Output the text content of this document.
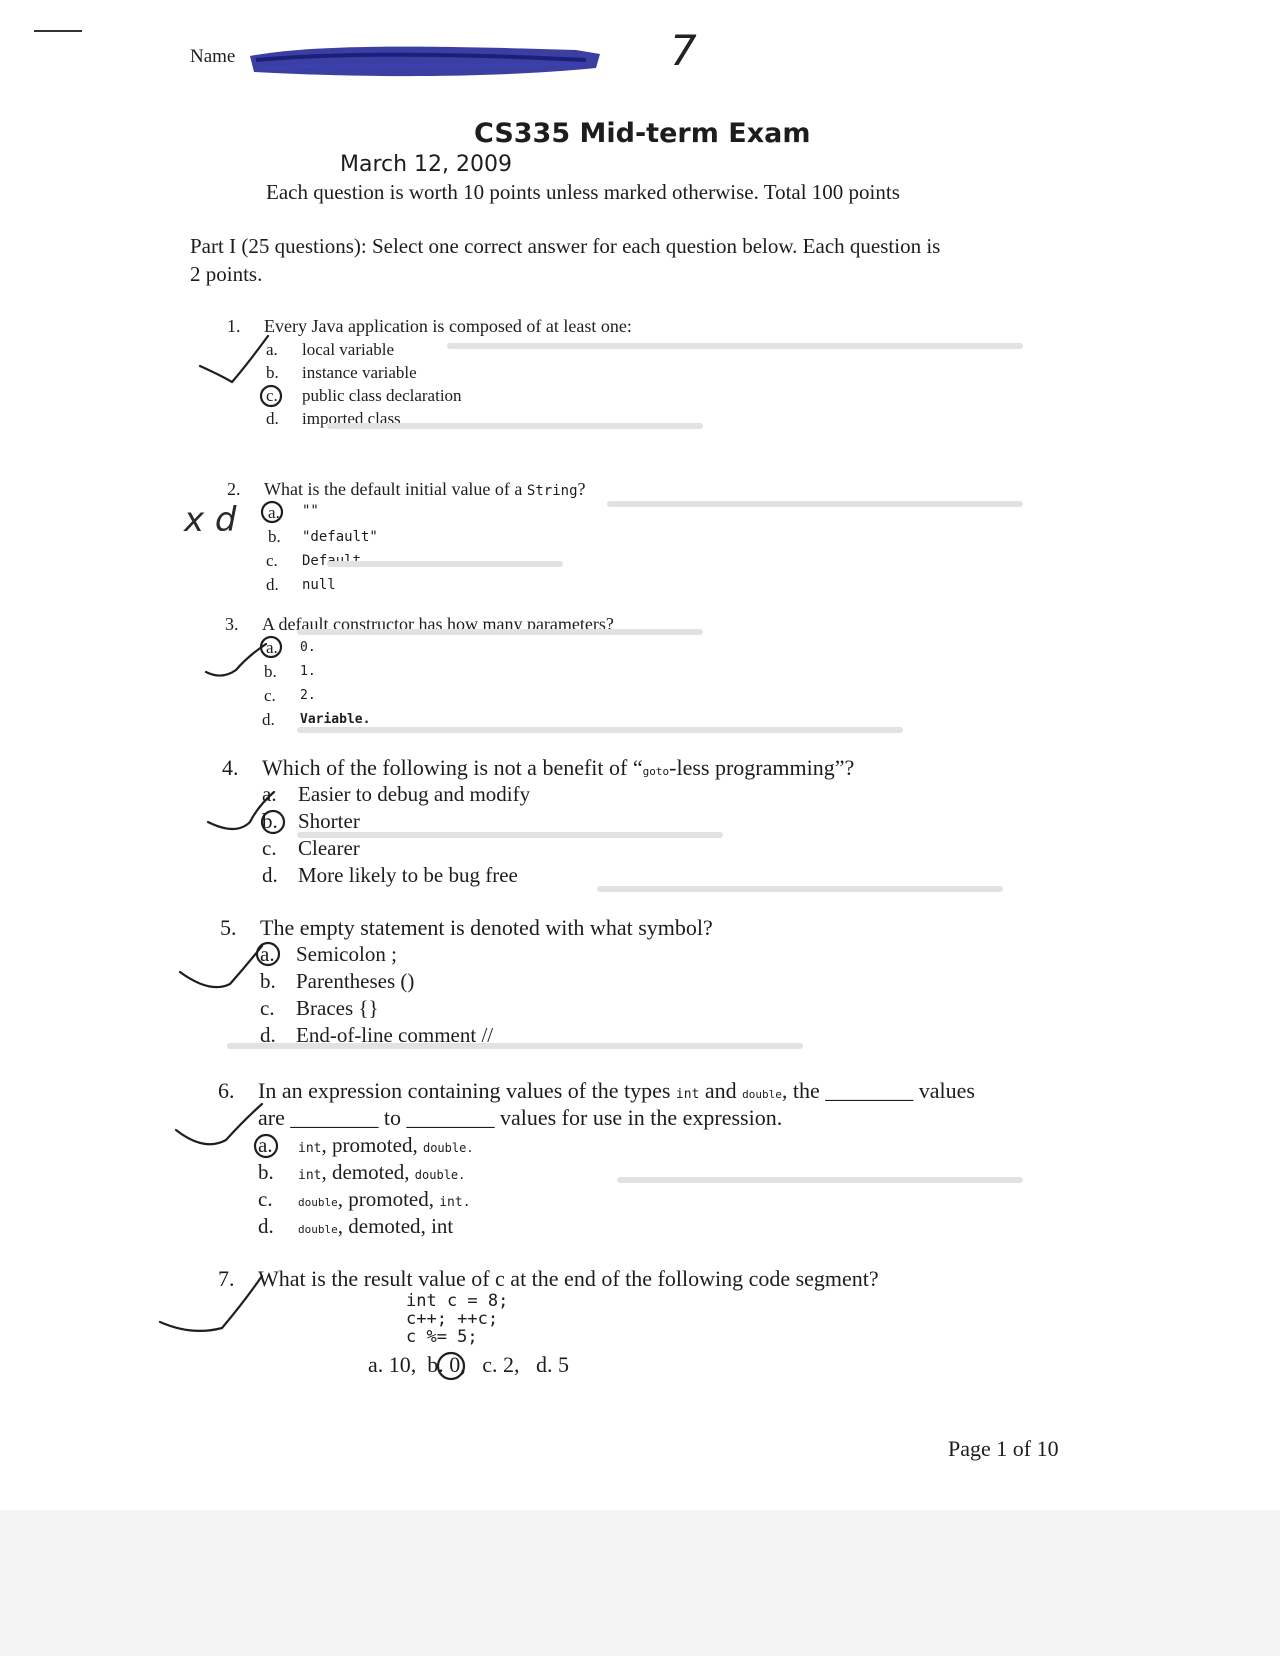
Name	7
CS335 Mid-term Exam
March 12, 2009
Each question is worth 10 points unless marked otherwise. Total 100 points
Part I (25 questions): Select one correct answer for each question below. Each question is
2 points.
1. Every Java application is composed of at least one:
a. local variable
b. instance variable
c. public class declaration
d. imported class
2. What is the default initial value of a String?
a. ""
b. "default"
c. Default
d. null
x d
3. A default constructor has how many parameters?
a. 0.
b. 1.
c. 2.
d. Variable.
4. Which of the following is not a benefit of “goto-less programming”?
a. Easier to debug and modify
b. Shorter
c. Clearer
d. More likely to be bug free
5. The empty statement is denoted with what symbol?
a. Semicolon ;
b. Parentheses ()
c. Braces {}
d. End-of-line comment //
6. In an expression containing values of the types int and double, the ________ values
are ________ to ________ values for use in the expression.
a. int, promoted, double.
b. int, demoted, double.
c. double, promoted, int.
d. double, demoted, int
7. What is the result value of c at the end of the following code segment?
int c = 8;
c++; ++c;
c %= 5;
a. 10,  b. 0,   c. 2,   d. 5
Page 1 of 10
